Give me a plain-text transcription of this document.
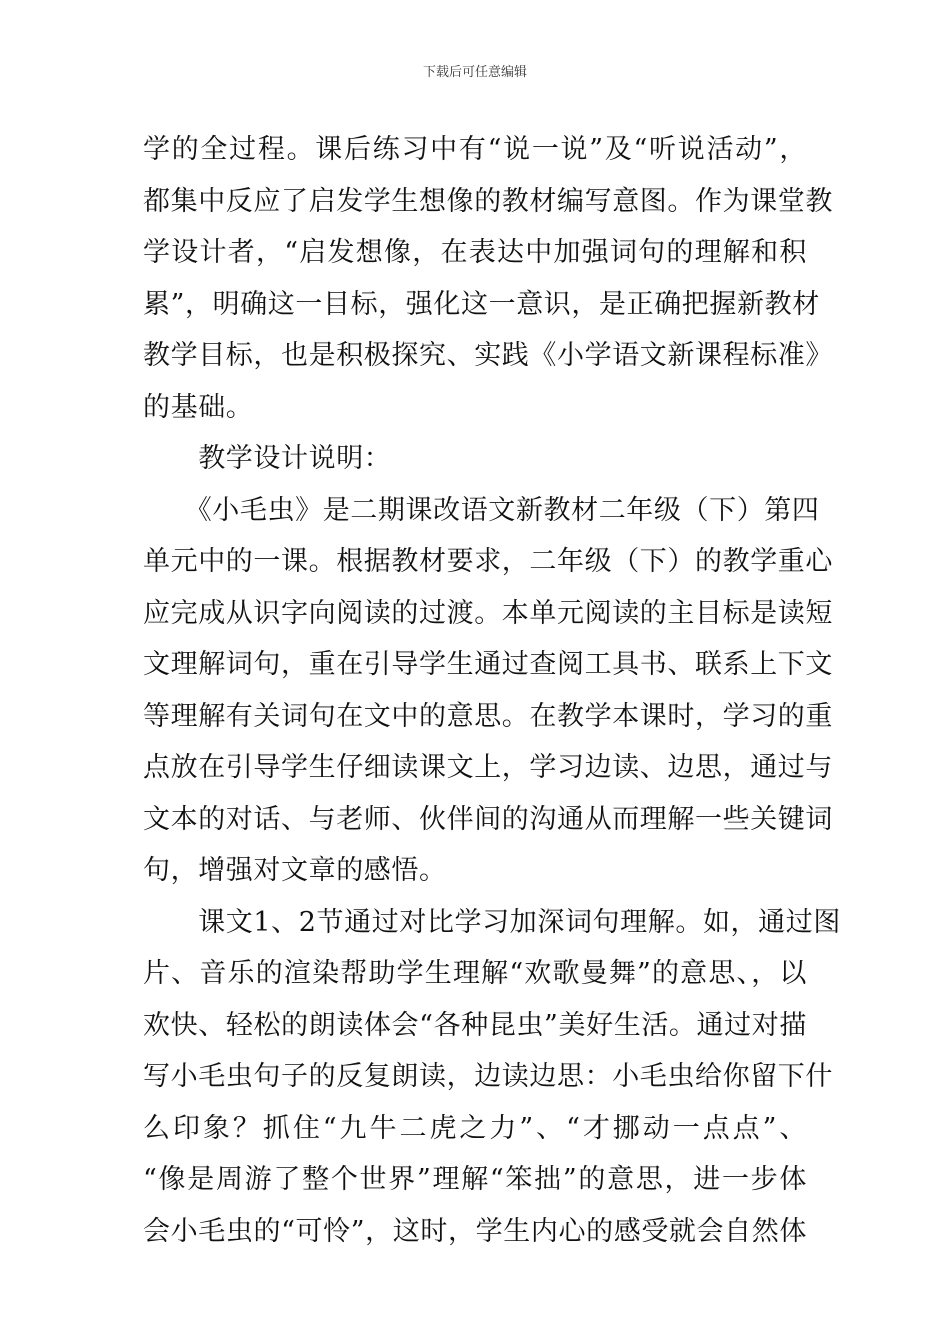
下载后可任意编辑
学的全过程。课后练习中有“说一说”及“听说活动”，
都集中反应了启发学生想像的教材编写意图。作为课堂教
学设计者，“启发想像，在表达中加强词句的理解和积
累”，明确这一目标，强化这一意识，是正确把握新教材
教学目标，也是积极探究、实践《小学语文新课程标准》
的基础。
　　教学设计说明：
　　《小毛虫》是二期课改语文新教材二年级（下）第四
单元中的一课。根据教材要求，二年级（下）的教学重心
应完成从识字向阅读的过渡。本单元阅读的主目标是读短
文理解词句，重在引导学生通过查阅工具书、联系上下文
等理解有关词句在文中的意思。在教学本课时，学习的重
点放在引导学生仔细读课文上，学习边读、边思，通过与
文本的对话、与老师、伙伴间的沟通从而理解一些关键词
句，增强对文章的感悟。
　　课文1、2节通过对比学习加深词句理解。如，通过图
片、音乐的渲染帮助学生理解“欢歌曼舞”的意思、，以
欢快、轻松的朗读体会“各种昆虫”美好生活。通过对描
写小毛虫句子的反复朗读，边读边思：小毛虫给你留下什
么印象？抓住“九牛二虎之力”、“才挪动一点点”、
“像是周游了整个世界”理解“笨拙”的意思，进一步体
会小毛虫的“可怜”，这时，学生内心的感受就会自然体
